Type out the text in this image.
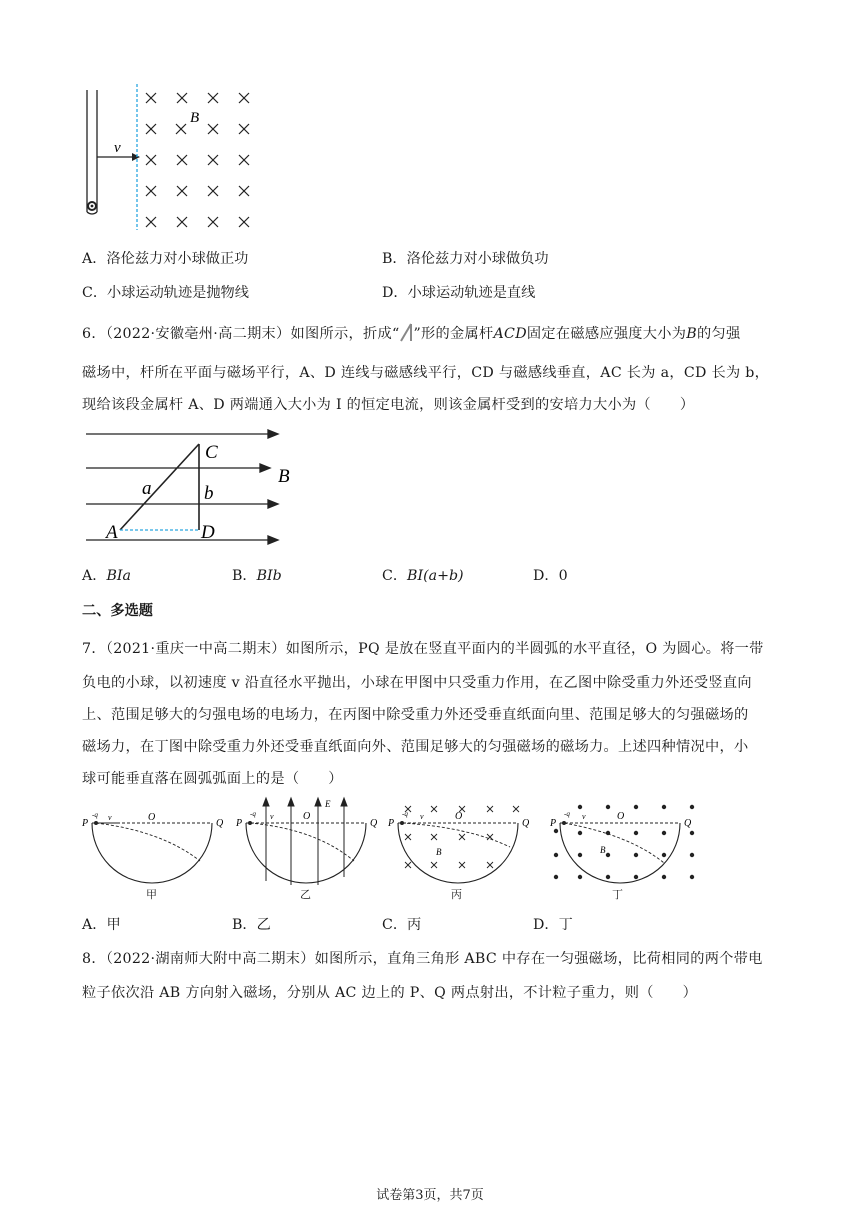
v
B
A．洛伦兹力对小球做正功	B．洛伦兹力对小球做负功
C．小球运动轨迹是抛物线	D．小球运动轨迹是直线
6．（2022·安徽亳州·高二期末）如图所示，折成“ ”形的金属杆ACD固定在磁感应强度大小为B的匀强
磁场中，杆所在平面与磁场平行，A、D 连线与磁感线平行，CD 与磁感线垂直，AC 长为 a，CD 长为 b，
现给该段金属杆 A、D 两端通入大小为 I 的恒定电流，则该金属杆受到的安培力大小为（　　）
C
B
a	b
A	D
A．BIa	B．BIb	C．BI(a+b)	D．0
二、多选题
7．（2021·重庆一中高二期末）如图所示，PQ 是放在竖直平面内的半圆弧的水平直径，O 为圆心。将一带
负电的小球，以初速度 v 沿直径水平抛出，小球在甲图中只受重力作用，在乙图中除受重力外还受竖直向
上、范围足够大的匀强电场的电场力，在丙图中除受重力外还受垂直纸面向里、范围足够大的匀强磁场的
磁场力，在丁图中除受重力外还受垂直纸面向外、范围足够大的匀强磁场的磁场力。上述四种情况中，小
球可能垂直落在圆弧弧面上的是（　　）
P	Q
O
-q v
P	Q
O
-q v
E
P	Q
O
-q v
B
P	Q
O
-q v
B
甲	乙	丙	丁
A．甲	B．乙	C．丙	D．丁
8．（2022·湖南师大附中高二期末）如图所示，直角三角形 ABC 中存在一匀强磁场，比荷相同的两个带电
粒子依次沿 AB 方向射入磁场，分别从 AC 边上的 P、Q 两点射出，不计粒子重力，则（　　）
试卷第3页，共7页
